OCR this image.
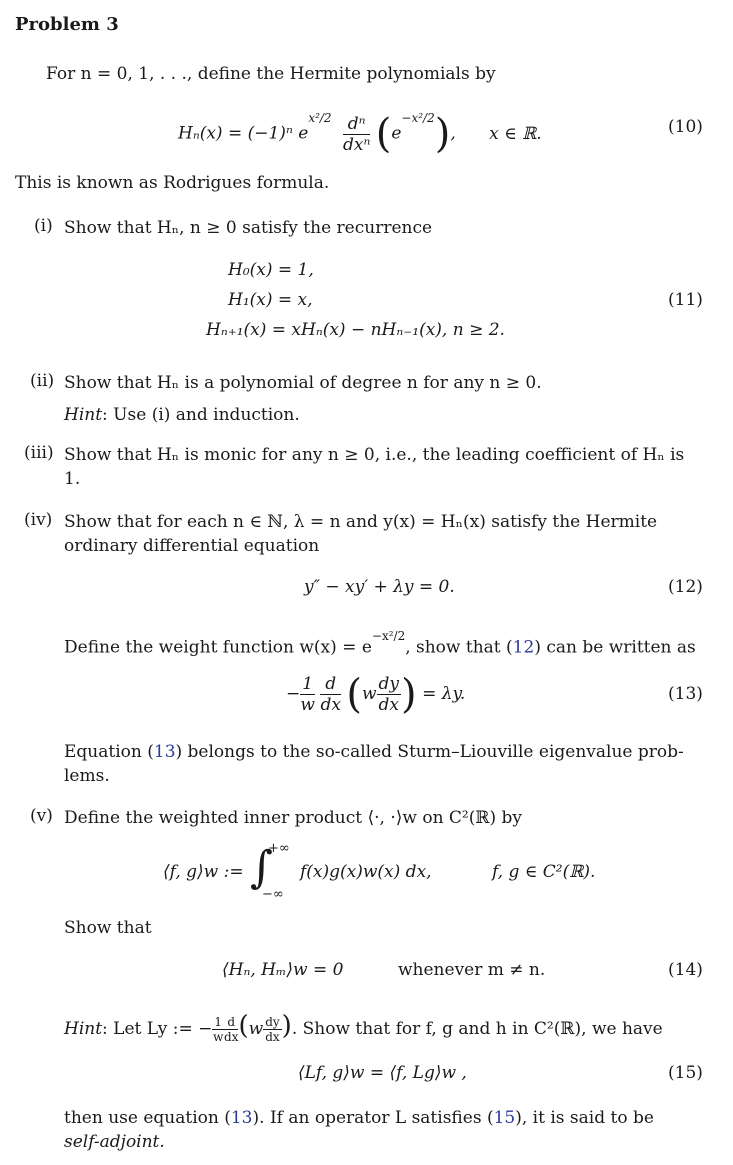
Problem 3
For n = 0, 1, . . ., define the Hermite polynomials by
Hₙ(x) = (−1)ⁿ $e^{x^2/2} \frac{\text{dⁿ}}{\text{dxⁿ}} (e^{-x^2/2})$, x ∈ ℝ.	(10)
This is known as Rodrigues formula.
(i) Show that Hₙ, n ≥ 0 satisfy the recurrence
H₀(x) = 1,
H₁(x) = x,
Hₙ₊₁(x) = xHₙ(x) − nHₙ₋₁(x), n ≥ 2.
(11)
(ii) Show that Hₙ is a polynomial of degree n for any n ≥ 0.
Hint: Use (i) and induction.
(iii) Show that Hₙ is monic for any n ≥ 0, i.e., the leading coefficient of Hₙ is
1.
(iv) Show that for each n ∈ ℕ, λ = n and y(x) = Hₙ(x) satisfy the Hermite
ordinary differential equation
y″ − xy′ + λy = 0.	(12)
Define the weight function $w(x) = e^{-x^2/2}$, show that (12) can be written as
− $\frac{1}{w}$
$\frac{d}{dx} (w \frac{dy}{dx}$ ) = λy.	(13)
Equation (13) belongs to the so-called Sturm–Liouville eigenvalue prob-
lems.
(v) Define the weighted inner product ⟨·, ·⟩w on C²(ℝ) by
⟨f, g⟩w := ∫
+∞
−∞
f(x)g(x)w(x) dx,	f, g ∈ C²(ℝ).
Show that
⟨Hₙ, Hₘ⟩w = 0	whenever m ≠ n.	(14)
Hint: Let Ly := − $\frac{1}{w} \frac{d}{dx} (w \frac{dy}{dx}$ ). Show that for f, g and h in C²(ℝ), we have
⟨Lf, g⟩w = ⟨f, Lg⟩w ,	(15)
then use equation (13). If an operator L satisfies (15), it is said to be
self-adjoint.
